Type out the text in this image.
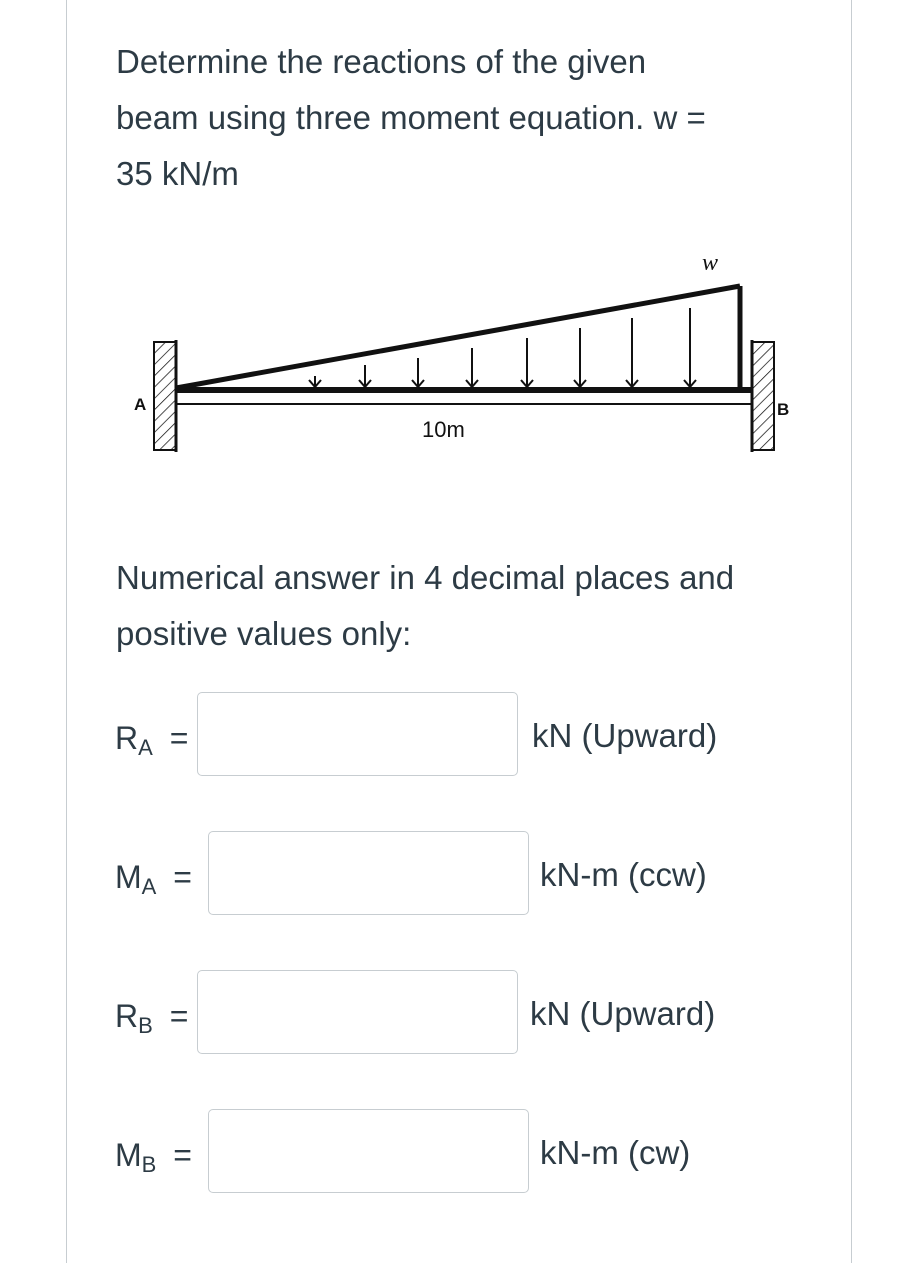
Determine the reactions of the given
beam using three moment equation. w =
35 kN/m
A	B
w
10m
Numerical answer in 4 decimal places and
positive values only:
$R_A$ =	kN (Upward)
$M_A$ =	kN-m (ccw)
$R_B$ =	kN (Upward)
$M_B$ =	kN-m (cw)
